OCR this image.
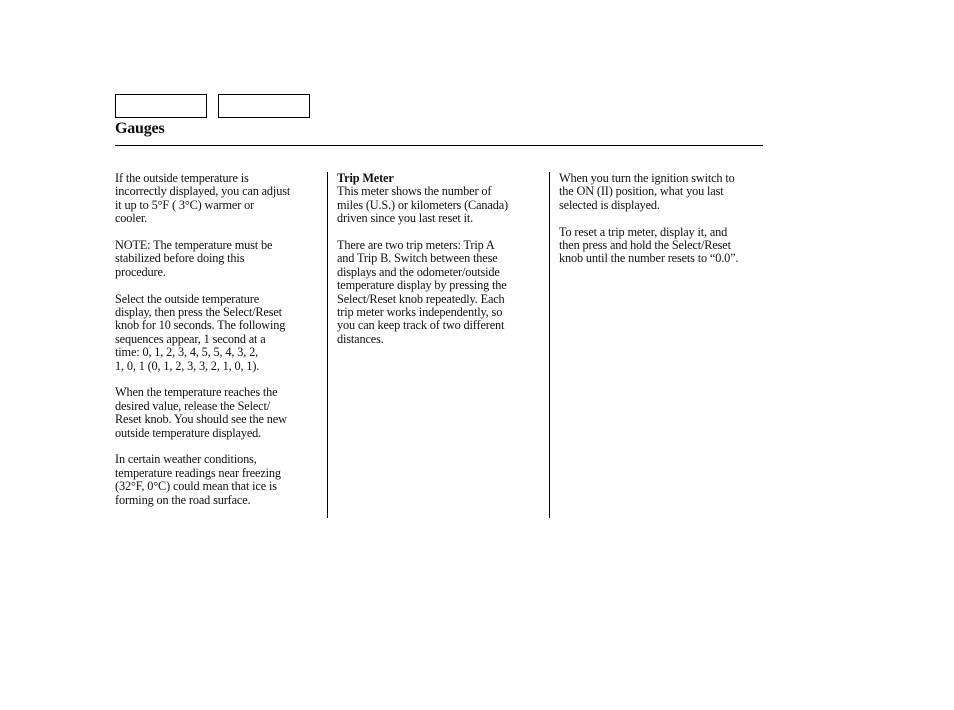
Gauges

If the outside temperature is
incorrectly displayed, you can adjust
it up to 5°F ( 3°C) warmer or
cooler.

NOTE: The temperature must be
stabilized before doing this
procedure.

Select the outside temperature
display, then press the Select/Reset
knob for 10 seconds. The following
sequences appear, 1 second at a
time: 0, 1, 2, 3, 4, 5, 5, 4, 3, 2,
1, 0, 1 (0, 1, 2, 3, 3, 2, 1, 0, 1).

When the temperature reaches the
desired value, release the Select/
Reset knob. You should see the new
outside temperature displayed.

In certain weather conditions,
temperature readings near freezing
(32°F, 0°C) could mean that ice is
forming on the road surface.

Trip Meter

This meter shows the number of
miles (U.S.) or kilometers (Canada)
driven since you last reset it.

There are two trip meters: Trip A
and Trip B. Switch between these
displays and the odometer/outside
temperature display by pressing the
Select/Reset knob repeatedly. Each
trip meter works independently, so
you can keep track of two different
distances.

When you turn the ignition switch to
the ON (II) position, what you last
selected is displayed.

To reset a trip meter, display it, and
then press and hold the Select/Reset
knob until the number resets to “0.0”.
